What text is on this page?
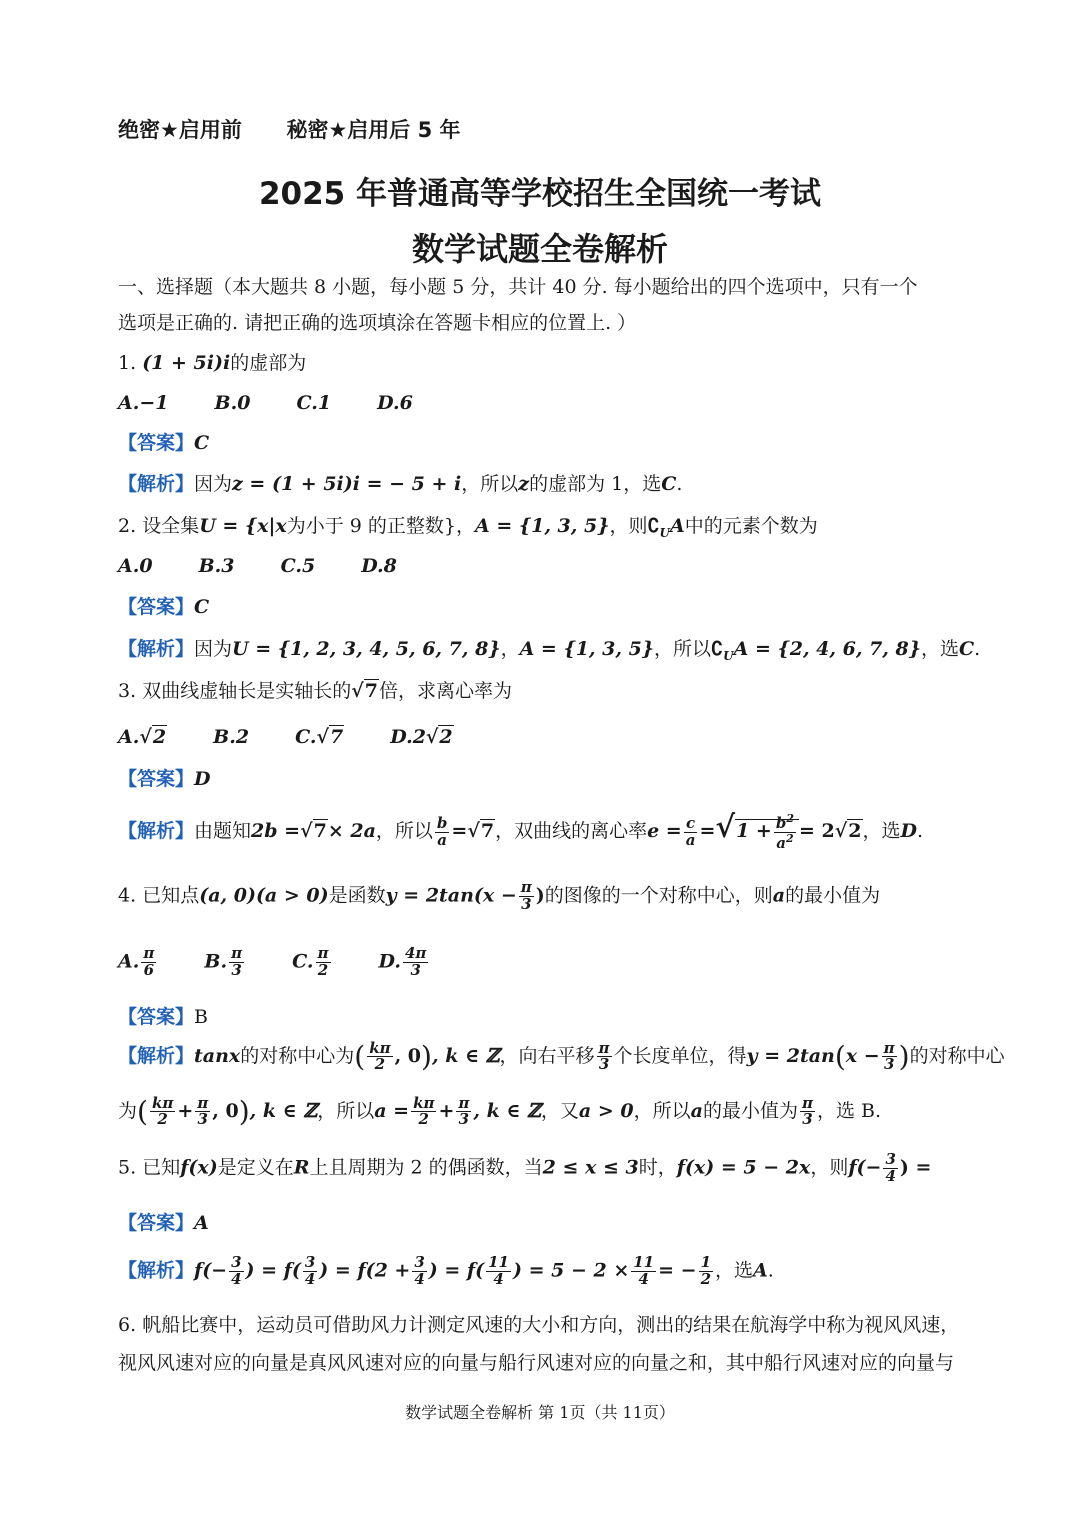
绝密★启用前 秘密★启用后 5 年
2025 年普通高等学校招生全国统一考试
数学试题全卷解析
一、选择题（本大题共 8 小题，每小题 5 分，共计 40 分. 每小题给出的四个选项中，只有一个
选项是正确的. 请把正确的选项填涂在答题卡相应的位置上. ）
1. (1 + 5i)i的虚部为
A.−1 B.0 C.1 D.6
【答案】C
【解析】因为z = (1 + 5i)i = − 5 + i，所以z的虚部为 1，选C.
2. 设全集U = {x|x为小于 9 的正整数}，A = {1, 3, 5}，则$∁_UA$中的元素个数为
A.0 B.3 C.5 D.8
【答案】C
【解析】因为U = {1, 2, 3, 4, 5, 6, 7, 8}，A = {1, 3, 5}，所以$∁_UA = \{2$, 4, 6, 7, 8}，选C.
3. 双曲线虚轴长是实轴长的√7倍，求离心率为
A.√2 B.2 C.√7 D.2√2
【答案】D
【解析】由题知2b =√7× 2a，所以 $\frac{b}{a} =√7$，双曲线的离心率$e = \frac{c}{a} =√1 + \frac{b^2}{a^2} = 2√2$，选D.
4. 已知点(a, 0)(a > 0)是函数$y = 2\tan(x - \frac{\pi}{3}$ )的图像的一个对称中心，则a的最小值为
A. $\frac{\pi}{6}$	B. $\frac{\pi}{3}$	C. $\frac{\pi}{2}$	D. $\frac{4\pi}{3}$
【答案】B
【解析】tanx的对称中心为( $\frac{k\pi}{2}$ , 0), k ∈ ℤ，向右平移 $\frac{\pi}{3}$ 个长度单位，得$y = 2\tan(x - \frac{\pi}{3}$ )的对称中心
为( $\frac{k\pi}{2} + \frac{\pi}{3}$ , 0), k ∈ ℤ，所以$a = \frac{k\pi}{2} + \frac{\pi}{3}$ , k ∈ ℤ，又a > 0，所以a的最小值为 $\frac{\pi}{3}$ ，选 B.
5. 已知f(x)是定义在R上且周期为 2 的偶函数，当2 ≤ x ≤ 3时，f(x) = 5 − 2x，则$f(- \frac{3}{4}$ ) =
【答案】A
【解析】$f(- \frac{3}{4}$ ) = $f( \frac{3}{4}$ ) = $f(2 + \frac{3}{4}$ ) = $f( \frac{11}{4}$ ) = $5 - 2 \times \frac{11}{4}$ = − $\frac{1}{2}$ ，选A.
6. 帆船比赛中，运动员可借助风力计测定风速的大小和方向，测出的结果在航海学中称为视风风速，
视风风速对应的向量是真风风速对应的向量与船行风速对应的向量之和，其中船行风速对应的向量与
数学试题全卷解析 第 1页（共 11页）
